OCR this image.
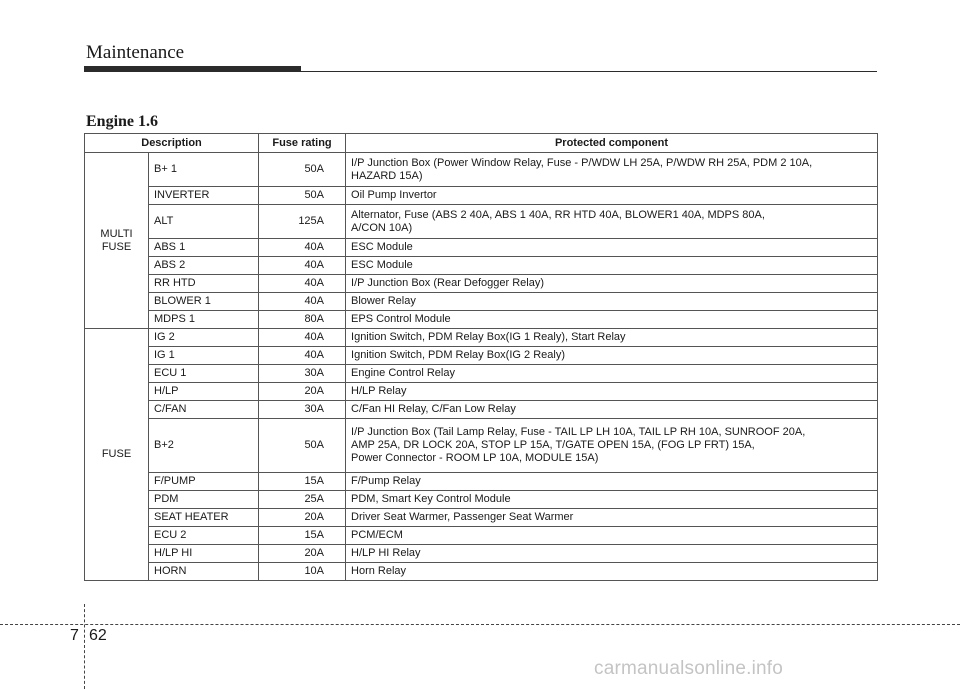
Maintenance
Engine 1.6
Description		Fuse rating	Protected component
MULTI
FUSE	B+ 1	50A	I/P Junction Box (Power Window Relay, Fuse - P/WDW LH 25A, P/WDW RH 25A, PDM 2 10A,
HAZARD 15A)
	INVERTER	50A	Oil Pump Invertor
	ALT	125A	Alternator, Fuse (ABS 2 40A, ABS 1 40A, RR HTD 40A, BLOWER1 40A, MDPS 80A,
A/CON 10A)
	ABS 1	40A	ESC Module
	ABS 2	40A	ESC Module
	RR HTD	40A	I/P Junction Box (Rear Defogger Relay)
	BLOWER 1	40A	Blower Relay
	MDPS 1	80A	EPS Control Module
FUSE	IG 2	40A	Ignition Switch, PDM Relay Box(IG 1 Realy), Start Relay
	IG 1	40A	Ignition Switch, PDM Relay Box(IG 2 Realy)
	ECU 1	30A	Engine Control Relay
	H/LP	20A	H/LP Relay
	C/FAN	30A	C/Fan HI Relay, C/Fan Low Relay
	B+2	50A	I/P Junction Box (Tail Lamp Relay, Fuse - TAIL LP LH 10A, TAIL LP RH 10A, SUNROOF 20A,
AMP 25A, DR LOCK 20A, STOP LP 15A, T/GATE OPEN 15A, (FOG LP FRT) 15A,
Power Connector - ROOM LP 10A, MODULE 15A)
	F/PUMP	15A	F/Pump Relay
	PDM	25A	PDM, Smart Key Control Module
	SEAT HEATER	20A	Driver Seat Warmer, Passenger Seat Warmer
	ECU 2	15A	PCM/ECM
	H/LP HI	20A	H/LP HI Relay
	HORN	10A	Horn Relay
7 62
carmanualsonline.info
